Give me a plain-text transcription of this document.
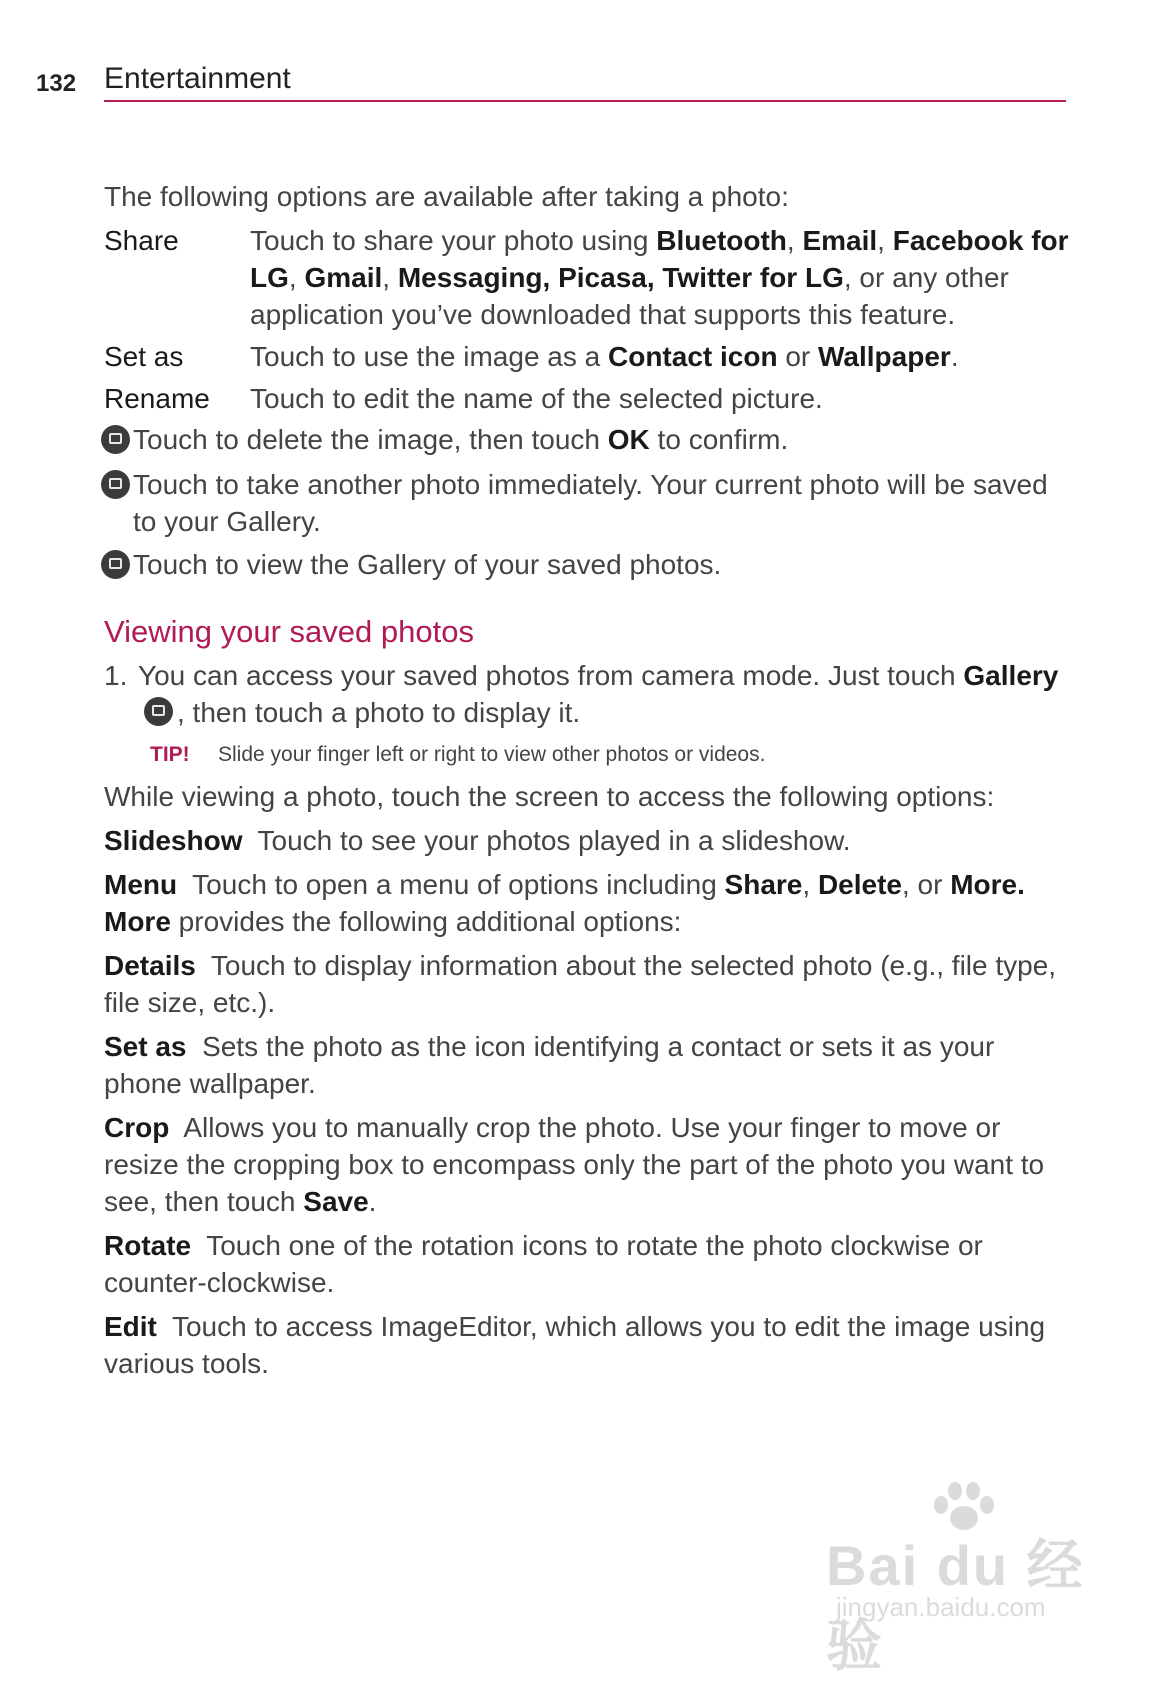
132 Entertainment

The following options are available after taking a photo:

Share	Touch to share your photo using Bluetooth, Email, Facebook for LG, Gmail, Messaging, Picasa, Twitter for LG, or any other application you’ve downloaded that supports this feature.
Set as	Touch to use the image as a Contact icon or Wallpaper.
Rename	Touch to edit the name of the selected picture.
Touch to delete the image, then touch OK to confirm.
Touch to take another photo immediately. Your current photo will be saved to your Gallery.
Touch to view the Gallery of your saved photos.

Viewing your saved photos

1. You can access your saved photos from camera mode. Just touch Gallery, then touch a photo to display it.
TIP!	Slide your finger left or right to view other photos or videos.

While viewing a photo, touch the screen to access the following options:

Slideshow Touch to see your photos played in a slideshow.

Menu Touch to open a menu of options including Share, Delete, or More.

More provides the following additional options:

Details Touch to display information about the selected photo (e.g., file type, file size, etc.).

Set as Sets the photo as the icon identifying a contact or sets it as your phone wallpaper.

Crop Allows you to manually crop the photo. Use your finger to move or resize the cropping box to encompass only the part of the photo you want to see, then touch Save.

Rotate Touch one of the rotation icons to rotate the photo clockwise or counter-clockwise.

Edit Touch to access ImageEditor, which allows you to edit the image using various tools.

Bai du 经验
jingyan.baidu.com
